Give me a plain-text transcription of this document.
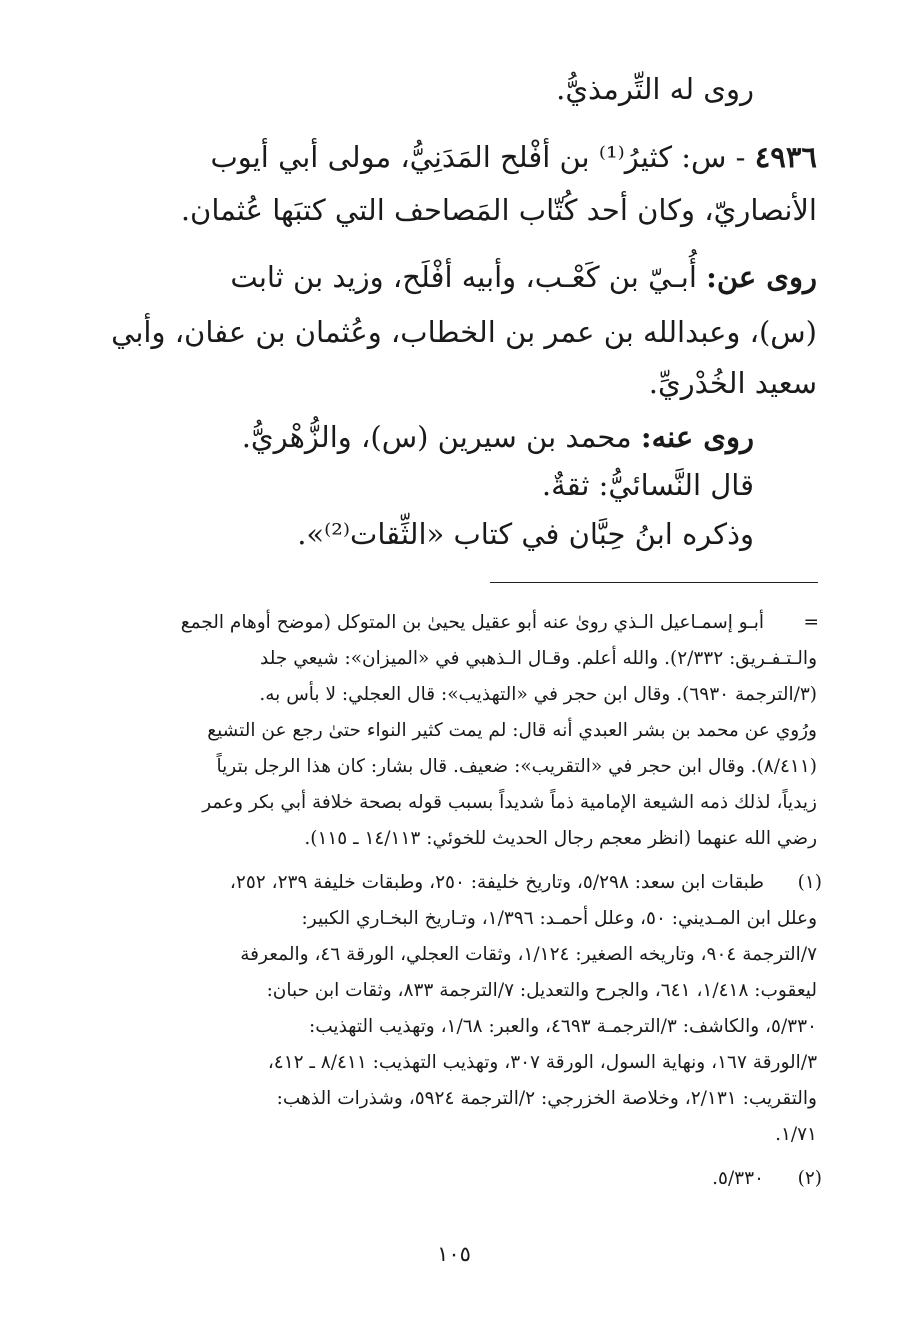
روى له التِّرمذيُّ.
٤٩٣٦ - س: كثيرُ⁽¹⁾ بن أفْلح المَدَنِيُّ، مولى أبي أيوب
الأنصاريّ، وكان أحد كُتّاب المَصاحف التي كتبَها عُثمان.
روى عن: أُبـيّ بن كَعْـب، وأبيه أفْلَح، وزيد بن ثابت
(س)، وعبدالله بن عمر بن الخطاب، وعُثمان بن عفان، وأبي
سعيد الخُدْريِّ.
روى عنه: محمد بن سيرين (س)، والزُّهْريُّ.
قال النَّسائيُّ: ثقةٌ.
وذكره ابنُ حِبَّان في كتاب «الثِّقات⁽²⁾».
=
أبـو إسمـاعيل الـذي روىٰ عنه أبو عقيل يحيىٰ بن المتوكل (موضح أوهام الجمع
والـتـفـريق: ٢/٣٣٢). والله أعلم. وقـال الـذهبي في «الميزان»: شيعي جلد
(٣/الترجمة ٦٩٣٠). وقال ابن حجر في «التهذيب»: قال العجلي: لا بأس به.
ورُوي عن محمد بن بشر العبدي أنه قال: لم يمت كثير النواء حتىٰ رجع عن التشيع
(٨/٤١١). وقال ابن حجر في «التقريب»: ضعيف. قال بشار: كان هذا الرجل بترياً
زيدياً، لذلك ذمه الشيعة الإمامية ذماً شديداً بسبب قوله بصحة خلافة أبي بكر وعمر
رضي الله عنهما (انظر معجم رجال الحديث للخوئي: ١٤/١١٣ ـ ١١٥).
(١)
طبقات ابن سعد: ٥/٢٩٨، وتاريخ خليفة: ٢٥٠، وطبقات خليفة ٢٣٩، ٢٥٢،
وعلل ابن المـديني: ٥٠، وعلل أحمـد: ١/٣٩٦، وتـاريخ البخـاري الكبير:
٧/الترجمة ٩٠٤، وتاريخه الصغير: ١/١٢٤، وثقات العجلي، الورقة ٤٦، والمعرفة
ليعقوب: ١/٤١٨، ٦٤١، والجرح والتعديل: ٧/الترجمة ٨٣٣، وثقات ابن حبان:
٥/٣٣٠، والكاشف: ٣/الترجمـة ٤٦٩٣، والعبر: ١/٦٨، وتهذيب التهذيب:
٣/الورقة ١٦٧، ونهاية السول، الورقة ٣٠٧، وتهذيب التهذيب: ٨/٤١١ ـ ٤١٢،
والتقريب: ٢/١٣١، وخلاصة الخزرجي: ٢/الترجمة ٥٩٢٤، وشذرات الذهب:
١/٧١.
(٢)
٥/٣٣٠.
١٠٥
